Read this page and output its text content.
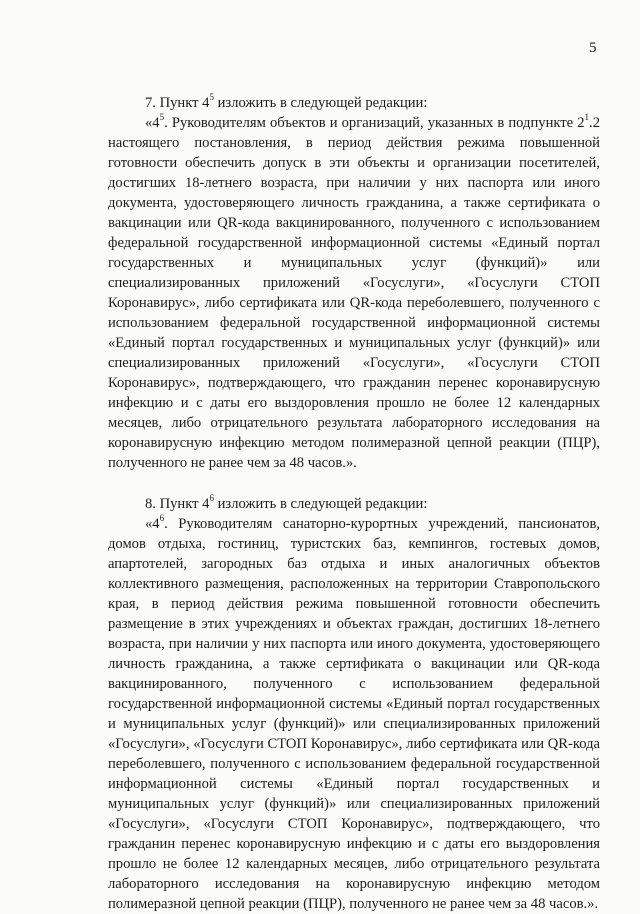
5

7. Пункт $4^5$ изложить в следующей редакции:

«$4^5$. Руководителям объектов и организаций, указанных в подпункте $2^1.2$ настоящего постановления, в период действия режима повышенной готовности обеспечить допуск в эти объекты и организации посетителей, достигших 18-летнего возраста, при наличии у них паспорта или иного документа, удостоверяющего личность гражданина, а также сертификата о вакцинации или QR-кода вакцинированного, полученного с использованием федеральной государственной информационной системы «Единый портал государственных и муниципальных услуг (функций)» или специализированных приложений «Госуслуги», «Госуслуги СТОП Коронавирус», либо сертификата или QR-кода переболевшего, полученного с использованием федеральной государственной информационной системы «Единый портал государственных и муниципальных услуг (функций)» или специализированных приложений «Госуслуги», «Госуслуги СТОП Коронавирус», подтверждающего, что гражданин перенес коронавирусную инфекцию и с даты его выздоровления прошло не более 12 календарных месяцев, либо отрицательного результата лабораторного исследования на коронавирусную инфекцию методом полимеразной цепной реакции (ПЦР), полученного не ранее чем за 48 часов.».

8. Пункт $4^6$ изложить в следующей редакции:

«$4^6$. Руководителям санаторно-курортных учреждений, пансионатов, домов отдыха, гостиниц, туристских баз, кемпингов, гостевых домов, апартотелей, загородных баз отдыха и иных аналогичных объектов коллективного размещения, расположенных на территории Ставропольского края, в период действия режима повышенной готовности обеспечить размещение в этих учреждениях и объектах граждан, достигших 18-летнего возраста, при наличии у них паспорта или иного документа, удостоверяющего личность гражданина, а также сертификата о вакцинации или QR-кода вакцинированного, полученного с использованием федеральной государственной информационной системы «Единый портал государственных и муниципальных услуг (функций)» или специализированных приложений «Госуслуги», «Госуслуги СТОП Коронавирус», либо сертификата или QR-кода переболевшего, полученного с использованием федеральной государственной информационной системы «Единый портал государственных и муниципальных услуг (функций)» или специализированных приложений «Госуслуги», «Госуслуги СТОП Коронавирус», подтверждающего, что гражданин перенес коронавирусную инфекцию и с даты его выздоровления прошло не более 12 календарных месяцев, либо отрицательного результата лабораторного исследования на коронавирусную инфекцию методом полимеразной цепной реакции (ПЦР), полученного не ранее чем за 48 часов.».
